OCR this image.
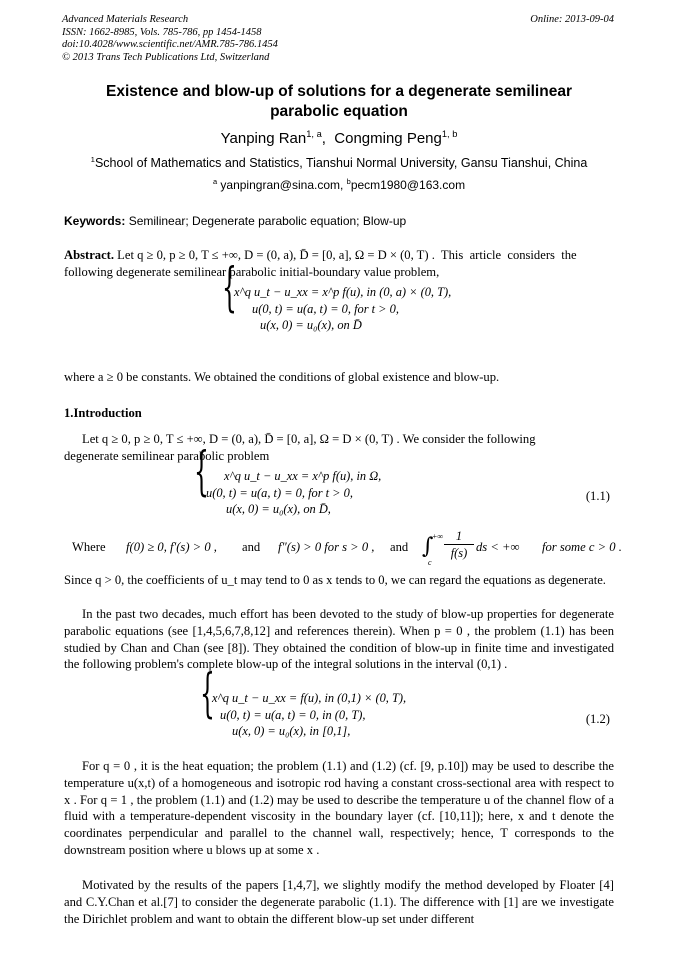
Advanced Materials Research
ISSN: 1662-8985, Vols. 785-786, pp 1454-1458
doi:10.4028/www.scientific.net/AMR.785-786.1454
© 2013 Trans Tech Publications Ltd, Switzerland
Online: 2013-09-04
Existence and blow-up of solutions for a degenerate semilinear
parabolic equation
Yanping Ran$^{1, a}$,  Congming Peng$^{1, b}$
$^1$School of Mathematics and Statistics, Tianshui Normal University, Gansu Tianshui, China
$^a$ yanpingran@sina.com, $^b$pecm1980@163.com
Keywords: Semilinear; Degenerate parabolic equation; Blow-up
Abstract. Let q ≥ 0, p ≥ 0, T ≤ +∞, D = (0, a), D̄ = [0, a], Ω = D × (0, T) .  This  article  considers  the
following degenerate semilinear parabolic initial-boundary value problem,
{
x^q u_t − u_xx = x^p f(u), in (0, a) × (0, T),
u(0, t) = u(a, t) = 0, for t > 0,
u(x, 0) = u₀(x), on D̄
where a ≥ 0 be constants. We obtained the conditions of global existence and blow-up.
1.Introduction
Let q ≥ 0, p ≥ 0, T ≤ +∞, D = (0, a), D̄ = [0, a], Ω = D × (0, T) . We consider the following
degenerate semilinear parabolic problem
{	x^q u_t − u_xx = x^p f(u), in Ω,
u(0, t) = u(a, t) = 0, for t > 0,
u(x, 0) = u₀(x), on D̄,
(1.1)
Where f(0) ≥ 0, f′(s) > 0 , and f″(s) > 0 for s > 0 , and ∫
+∞
c
$\frac{1}{f(s)}$ ds < +∞ for some c > 0 .
Since q > 0, the coefficients of u_t may tend to 0 as x tends to 0, we can regard the equations as degenerate.
In the past two decades, much effort has been devoted to the study of blow-up properties for degenerate parabolic equations (see [1,4,5,6,7,8,12] and references therein). When p = 0 , the problem (1.1) has been studied by Chan and Chan (see [8]). They obtained the condition of blow-up in finite time and investigated the following problem's complete blow-up of the integral solutions in the interval (0,1) .
{
x^q u_t − u_xx = f(u), in (0,1) × (0, T),
u(0, t) = u(a, t) = 0, in (0, T),
u(x, 0) = u₀(x), in [0,1],
(1.2)
For q = 0 , it is the heat equation; the problem (1.1) and (1.2) (cf. [9, p.10]) may be used to describe the temperature u(x,t) of a homogeneous and isotropic rod having a constant cross-sectional area with respect to x . For q = 1 , the problem (1.1) and (1.2) may be used to describe the temperature u of the channel flow of a fluid with a temperature-dependent viscosity in the boundary layer (cf. [10,11]); here, x and t denote the coordinates perpendicular and parallel to the channel wall, respectively; hence, T corresponds to the downstream position where u blows up at some x .
Motivated by the results of the papers [1,4,7], we slightly modify the method developed by Floater [4] and C.Y.Chan et al.[7] to consider the degenerate parabolic (1.1). The difference with [1] are we investigate the Dirichlet problem and want to obtain the different blow-up set under different
